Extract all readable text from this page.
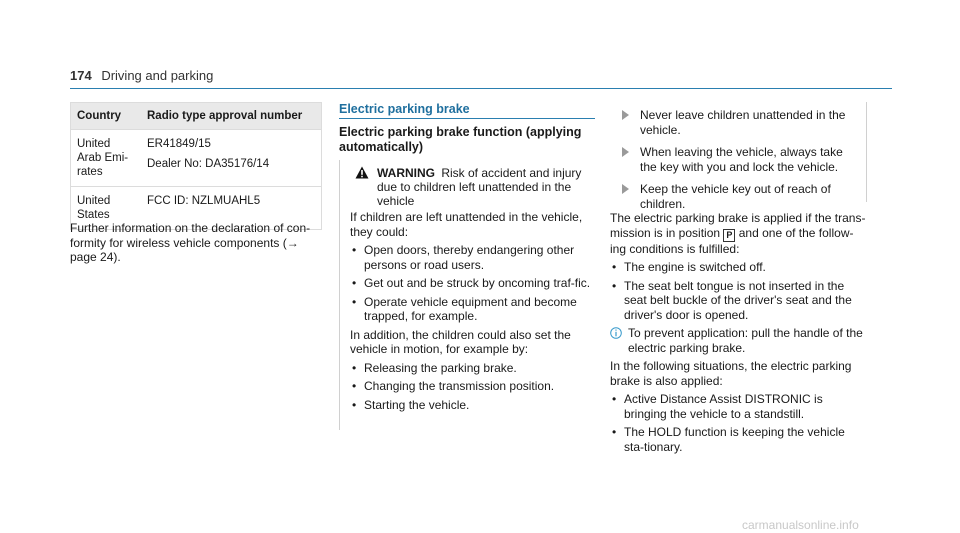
174 Driving and parking
Country	Radio type approval number
United Arab Emi-rates	ER41849/15
Dealer No: DA35176/14

United States	FCC ID: NZLMUAHL5
Further information on the declaration of con-formity for wireless vehicle components (→ page 24).
Electric parking brake
Electric parking brake function (applying automatically)
WARNING Risk of accident and injury due to children left unattended in the vehicle

If children are left unattended in the vehicle, they could:

• Open doors, thereby endangering other persons or road users.
• Get out and be struck by oncoming traf-fic.
• Operate vehicle equipment and become trapped, for example.

In addition, the children could also set the vehicle in motion, for example by:

• Releasing the parking brake.
• Changing the transmission position.
• Starting the vehicle.
Never leave children unattended in the vehicle.
When leaving the vehicle, always take the key with you and lock the vehicle.
Keep the vehicle key out of reach of children.

The electric parking brake is applied if the trans-mission is in position P and one of the follow-ing conditions is fulfilled:

• The engine is switched off.
• The seat belt tongue is not inserted in the seat belt buckle of the driver's seat and the driver's door is opened.
To prevent application: pull the handle of the electric parking brake.

In the following situations, the electric parking brake is also applied:

• Active Distance Assist DISTRONIC is bringing the vehicle to a standstill.
• The HOLD function is keeping the vehicle sta-tionary.
carmanualsonline.info
